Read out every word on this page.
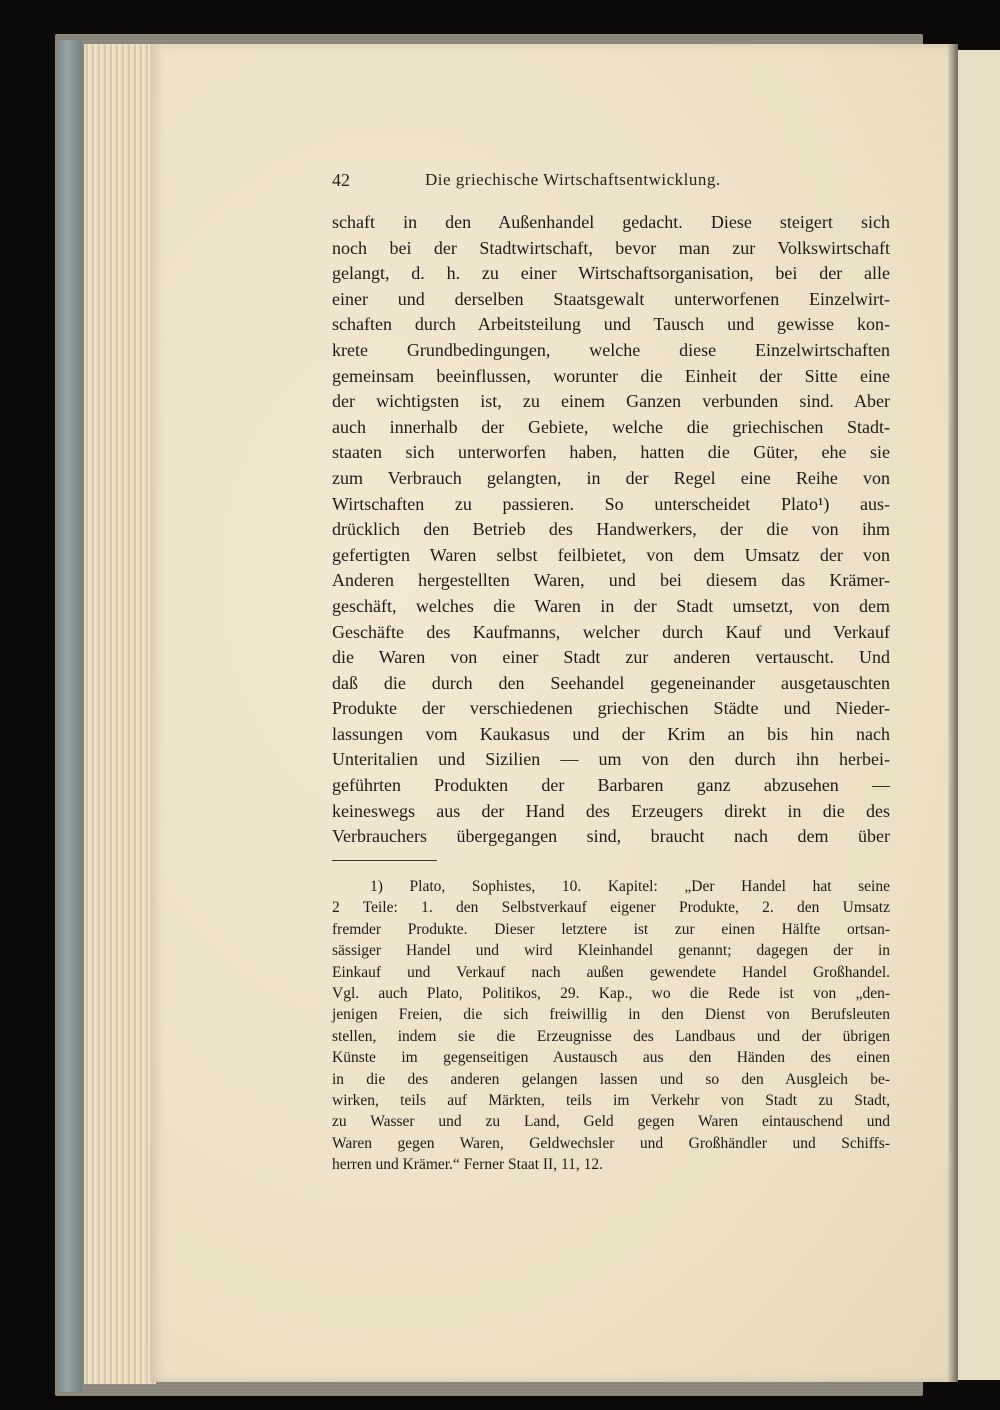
42	Die griechische Wirtschaftsentwicklung.
schaft in den Außenhandel gedacht. Diese steigert sich
noch bei der Stadtwirtschaft, bevor man zur Volkswirtschaft
gelangt, d. h. zu einer Wirtschaftsorganisation, bei der alle
einer und derselben Staatsgewalt unterworfenen Einzelwirt-
schaften durch Arbeitsteilung und Tausch und gewisse kon-
krete Grundbedingungen, welche diese Einzelwirtschaften
gemeinsam beeinflussen, worunter die Einheit der Sitte eine
der wichtigsten ist, zu einem Ganzen verbunden sind. Aber
auch innerhalb der Gebiete, welche die griechischen Stadt-
staaten sich unterworfen haben, hatten die Güter, ehe sie
zum Verbrauch gelangten, in der Regel eine Reihe von
Wirtschaften zu passieren. So unterscheidet Plato¹) aus-
drücklich den Betrieb des Handwerkers, der die von ihm
gefertigten Waren selbst feilbietet, von dem Umsatz der von
Anderen hergestellten Waren, und bei diesem das Krämer-
geschäft, welches die Waren in der Stadt umsetzt, von dem
Geschäfte des Kaufmanns, welcher durch Kauf und Verkauf
die Waren von einer Stadt zur anderen vertauscht. Und
daß die durch den Seehandel gegeneinander ausgetauschten
Produkte der verschiedenen griechischen Städte und Nieder-
lassungen vom Kaukasus und der Krim an bis hin nach
Unteritalien und Sizilien — um von den durch ihn herbei-
geführten Produkten der Barbaren ganz abzusehen —
keineswegs aus der Hand des Erzeugers direkt in die des
Verbrauchers übergegangen sind, braucht nach dem über
1) Plato, Sophistes, 10. Kapitel: „Der Handel hat seine
2 Teile: 1. den Selbstverkauf eigener Produkte, 2. den Umsatz
fremder Produkte. Dieser letztere ist zur einen Hälfte ortsan-
sässiger Handel und wird Kleinhandel genannt; dagegen der in
Einkauf und Verkauf nach außen gewendete Handel Großhandel.
Vgl. auch Plato, Politikos, 29. Kap., wo die Rede ist von „den-
jenigen Freien, die sich freiwillig in den Dienst von Berufsleuten
stellen, indem sie die Erzeugnisse des Landbaus und der übrigen
Künste im gegenseitigen Austausch aus den Händen des einen
in die des anderen gelangen lassen und so den Ausgleich be-
wirken, teils auf Märkten, teils im Verkehr von Stadt zu Stadt,
zu Wasser und zu Land, Geld gegen Waren eintauschend und
Waren gegen Waren, Geldwechsler und Großhändler und Schiffs-
herren und Krämer.“ Ferner Staat II, 11, 12.
